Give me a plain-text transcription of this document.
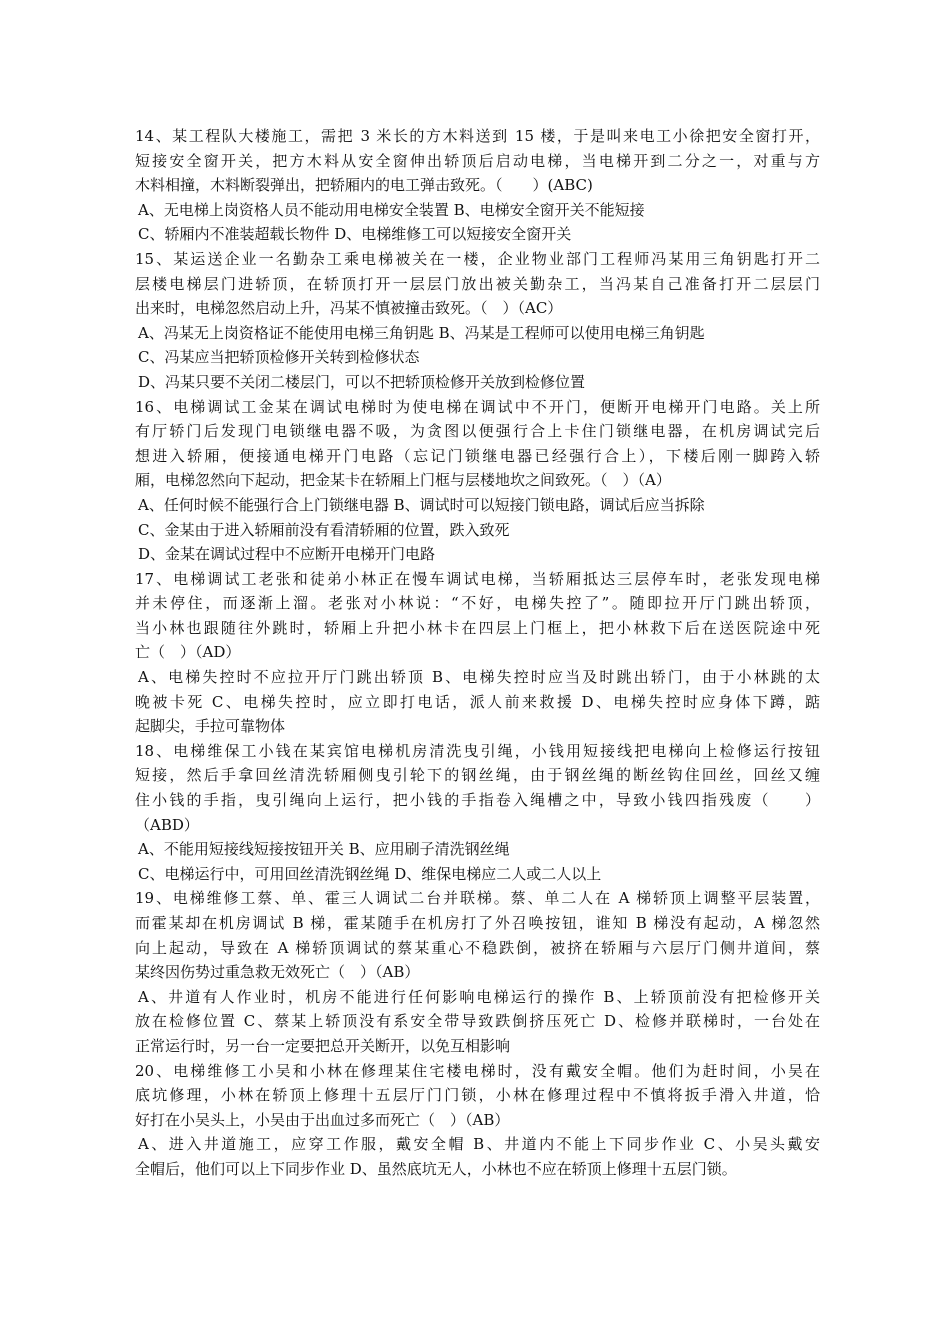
14、某工程队大楼施工，需把 3 米长的方木料送到 15 楼，于是叫来电工小徐把安全窗打开，
短接安全窗开关，把方木料从安全窗伸出轿顶后启动电梯，当电梯开到二分之一，对重与方
木料相撞，木料断裂弹出，把轿厢内的电工弹击致死。（　　）(ABC)
A、无电梯上岗资格人员不能动用电梯安全装置 B、电梯安全窗开关不能短接
C、轿厢内不准装超载长物件 D、电梯维修工可以短接安全窗开关
15、某运送企业一名勤杂工乘电梯被关在一楼，企业物业部门工程师冯某用三角钥匙打开二
层楼电梯层门进轿顶，在轿顶打开一层层门放出被关勤杂工，当冯某自己准备打开二层层门
出来时，电梯忽然启动上升，冯某不慎被撞击致死。（　）（AC）
A、冯某无上岗资格证不能使用电梯三角钥匙 B、冯某是工程师可以使用电梯三角钥匙
C、冯某应当把轿顶检修开关转到检修状态
D、冯某只要不关闭二楼层门，可以不把轿顶检修开关放到检修位置
16、电梯调试工金某在调试电梯时为使电梯在调试中不开门，便断开电梯开门电路。关上所
有厅轿门后发现门电锁继电器不吸，为贪图以便强行合上卡住门锁继电器，在机房调试完后
想进入轿厢，便接通电梯开门电路（忘记门锁继电器已经强行合上），下楼后刚一脚跨入轿
厢，电梯忽然向下起动，把金某卡在轿厢上门框与层楼地坎之间致死。（　）（A）
A、任何时候不能强行合上门锁继电器 B、调试时可以短接门锁电路，调试后应当拆除
C、金某由于进入轿厢前没有看清轿厢的位置，跌入致死
D、金某在调试过程中不应断开电梯开门电路
17、电梯调试工老张和徒弟小林正在慢车调试电梯，当轿厢抵达三层停车时，老张发现电梯
并未停住，而逐渐上溜。老张对小林说：“不好，电梯失控了”。随即拉开厅门跳出轿顶，
当小林也跟随往外跳时，轿厢上升把小林卡在四层上门框上，把小林救下后在送医院途中死
亡（　）（AD）
A、电梯失控时不应拉开厅门跳出轿顶 B、电梯失控时应当及时跳出轿门，由于小林跳的太
晚被卡死 C、电梯失控时，应立即打电话，派人前来救援 D、电梯失控时应身体下蹲，踮
起脚尖，手拉可靠物体
18、电梯维保工小钱在某宾馆电梯机房清洗曳引绳，小钱用短接线把电梯向上检修运行按钮
短接，然后手拿回丝清洗轿厢侧曳引轮下的钢丝绳，由于钢丝绳的断丝钩住回丝，回丝又缠
住小钱的手指，曳引绳向上运行，把小钱的手指卷入绳槽之中，导致小钱四指残废（　　）
（ABD）
A、不能用短接线短接按钮开关 B、应用刷子清洗钢丝绳
C、电梯运行中，可用回丝清洗钢丝绳 D、维保电梯应二人或二人以上
19、电梯维修工蔡、单、霍三人调试二台并联梯。蔡、单二人在 A 梯轿顶上调整平层装置，
而霍某却在机房调试 B 梯，霍某随手在机房打了外召唤按钮，谁知 B 梯没有起动，A 梯忽然
向上起动，导致在 A 梯轿顶调试的蔡某重心不稳跌倒，被挤在轿厢与六层厅门侧井道间，蔡
某终因伤势过重急救无效死亡（　）（AB）
A、井道有人作业时，机房不能进行任何影响电梯运行的操作 B、上轿顶前没有把检修开关
放在检修位置 C、蔡某上轿顶没有系安全带导致跌倒挤压死亡 D、检修并联梯时，一台处在
正常运行时，另一台一定要把总开关断开，以免互相影响
20、电梯维修工小吴和小林在修理某住宅楼电梯时，没有戴安全帽。他们为赶时间，小吴在
底坑修理，小林在轿顶上修理十五层厅门门锁，小林在修理过程中不慎将扳手滑入井道，恰
好打在小吴头上，小吴由于出血过多而死亡（　）（AB）
A、进入井道施工，应穿工作服，戴安全帽 B、井道内不能上下同步作业 C、小吴头戴安
全帽后，他们可以上下同步作业 D、虽然底坑无人，小林也不应在轿顶上修理十五层门锁。
